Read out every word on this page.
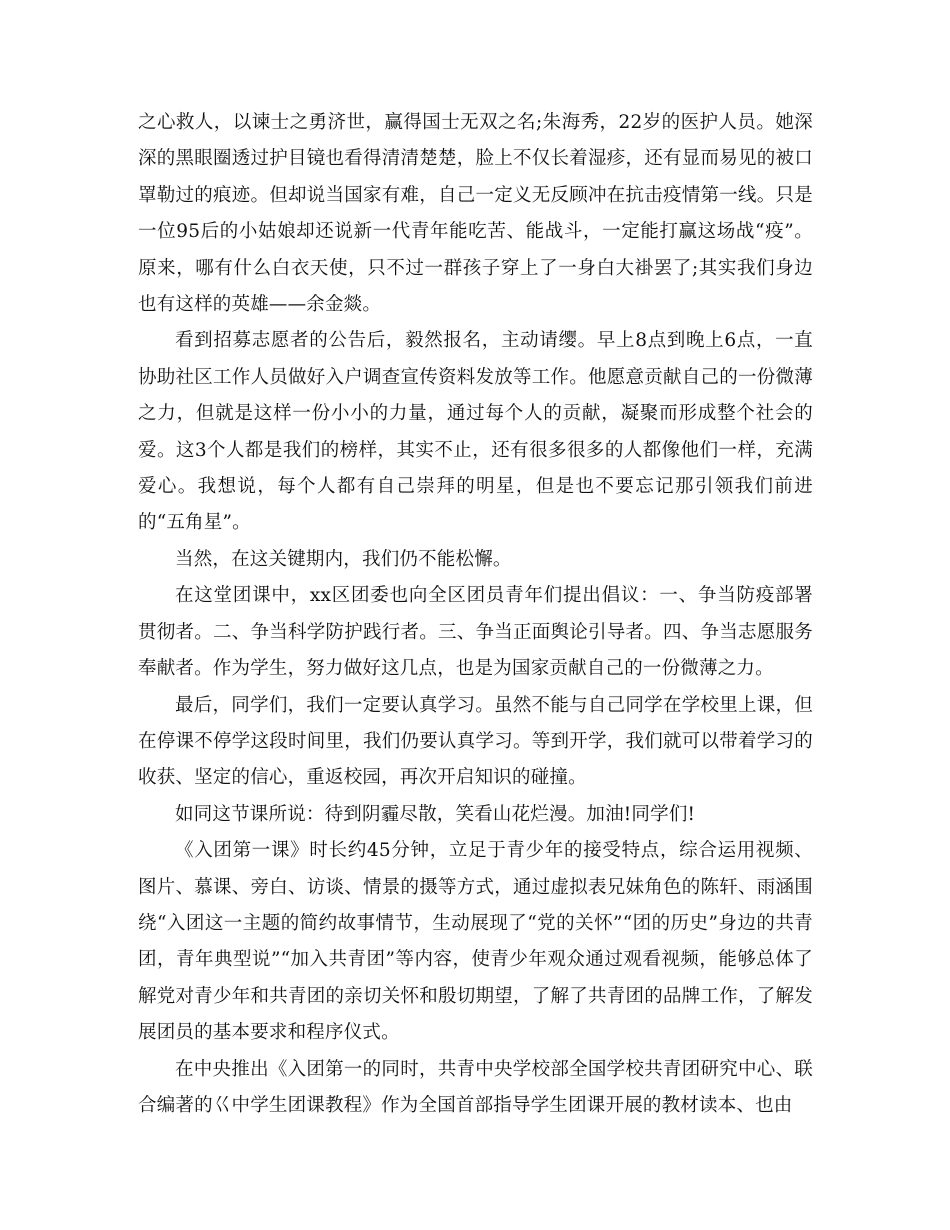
之心救人，以谏士之勇济世，赢得国士无双之名;朱海秀，22岁的医护人员。她深深的黑眼圈透过护目镜也看得清清楚楚，脸上不仅长着湿疹，还有显而易见的被口罩勒过的痕迹。但却说当国家有难，自己一定义无反顾冲在抗击疫情第一线。只是一位95后的小姑娘却还说新一代青年能吃苦、能战斗，一定能打赢这场战“疫”。原来，哪有什么白衣天使，只不过一群孩子穿上了一身白大褂罢了;其实我们身边也有这样的英雄——余金燚。

看到招募志愿者的公告后，毅然报名，主动请缨。早上8点到晚上6点，一直协助社区工作人员做好入户调查宣传资料发放等工作。他愿意贡献自己的一份微薄之力，但就是这样一份小小的力量，通过每个人的贡献，凝聚而形成整个社会的爱。这3个人都是我们的榜样，其实不止，还有很多很多的人都像他们一样，充满爱心。我想说，每个人都有自己崇拜的明星，但是也不要忘记那引领我们前进的“五角星”。

当然，在这关键期内，我们仍不能松懈。

在这堂团课中，xx区团委也向全区团员青年们提出倡议：一、争当防疫部署贯彻者。二、争当科学防护践行者。三、争当正面舆论引导者。四、争当志愿服务奉献者。作为学生，努力做好这几点，也是为国家贡献自己的一份微薄之力。

最后，同学们，我们一定要认真学习。虽然不能与自己同学在学校里上课，但在停课不停学这段时间里，我们仍要认真学习。等到开学，我们就可以带着学习的收获、坚定的信心，重返校园，再次开启知识的碰撞。

如同这节课所说：待到阴霾尽散，笑看山花烂漫。加油!同学们!

《入团第一课》时长约45分钟，立足于青少年的接受特点，综合运用视频、图片、慕课、旁白、访谈、情景的摄等方式，通过虚拟表兄妹角色的陈轩、雨涵围绕“入团这一主题的简约故事情节，生动展现了“党的关怀”“团的历史”身边的共青团，青年典型说”“加入共青团”等内容，使青少年观众通过观看视频，能够总体了解党对青少年和共青团的亲切关怀和殷切期望，了解了共青团的品牌工作，了解发展团员的基本要求和程序仪式。

在中央推出《入团第一的同时，共青中央学校部全国学校共青团研究中心、联合编著的巜中学生团课教程》作为全国首部指导学生团课开展的教材读本、也由
